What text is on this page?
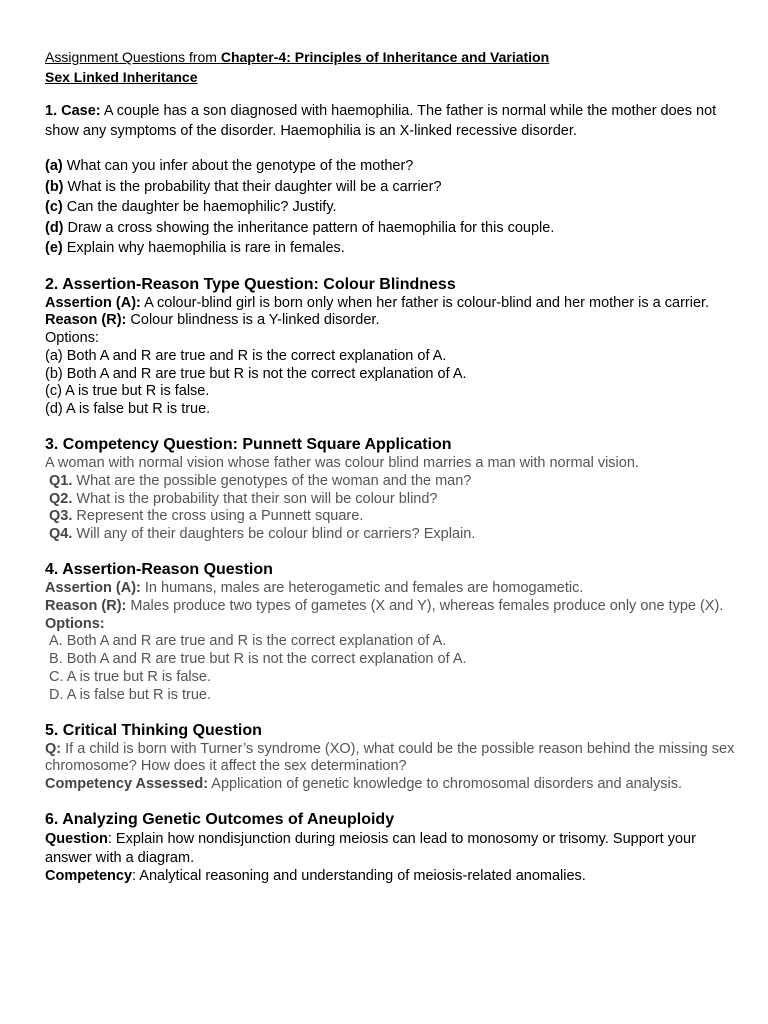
Assignment Questions from Chapter-4: Principles of Inheritance and Variation
Sex Linked Inheritance

1. Case: A couple has a son diagnosed with haemophilia. The father is normal while the mother does not show any symptoms of the disorder. Haemophilia is an X-linked recessive disorder.

(a) What can you infer about the genotype of the mother?
(b) What is the probability that their daughter will be a carrier?
(c) Can the daughter be haemophilic? Justify.
(d) Draw a cross showing the inheritance pattern of haemophilia for this couple.
(e) Explain why haemophilia is rare in females.
2. Assertion-Reason Type Question: Colour Blindness
Assertion (A): A colour-blind girl is born only when her father is colour-blind and her mother is a carrier.
Reason (R): Colour blindness is a Y-linked disorder.
Options:
(a) Both A and R are true and R is the correct explanation of A.
(b) Both A and R are true but R is not the correct explanation of A.
(c) A is true but R is false.
(d) A is false but R is true.
3. Competency Question: Punnett Square Application
A woman with normal vision whose father was colour blind marries a man with normal vision.
Q1. What are the possible genotypes of the woman and the man?
Q2. What is the probability that their son will be colour blind?
Q3. Represent the cross using a Punnett square.
Q4. Will any of their daughters be colour blind or carriers? Explain.
4. Assertion-Reason Question
Assertion (A): In humans, males are heterogametic and females are homogametic.
Reason (R): Males produce two types of gametes (X and Y), whereas females produce only one type (X).
Options:
A. Both A and R are true and R is the correct explanation of A.
B. Both A and R are true but R is not the correct explanation of A.
C. A is true but R is false.
D. A is false but R is true.
5. Critical Thinking Question
Q: If a child is born with Turner’s syndrome (XO), what could be the possible reason behind the missing sex chromosome? How does it affect the sex determination?
Competency Assessed: Application of genetic knowledge to chromosomal disorders and analysis.
6. Analyzing Genetic Outcomes of Aneuploidy
Question: Explain how nondisjunction during meiosis can lead to monosomy or trisomy. Support your answer with a diagram.
Competency: Analytical reasoning and understanding of meiosis-related anomalies.
